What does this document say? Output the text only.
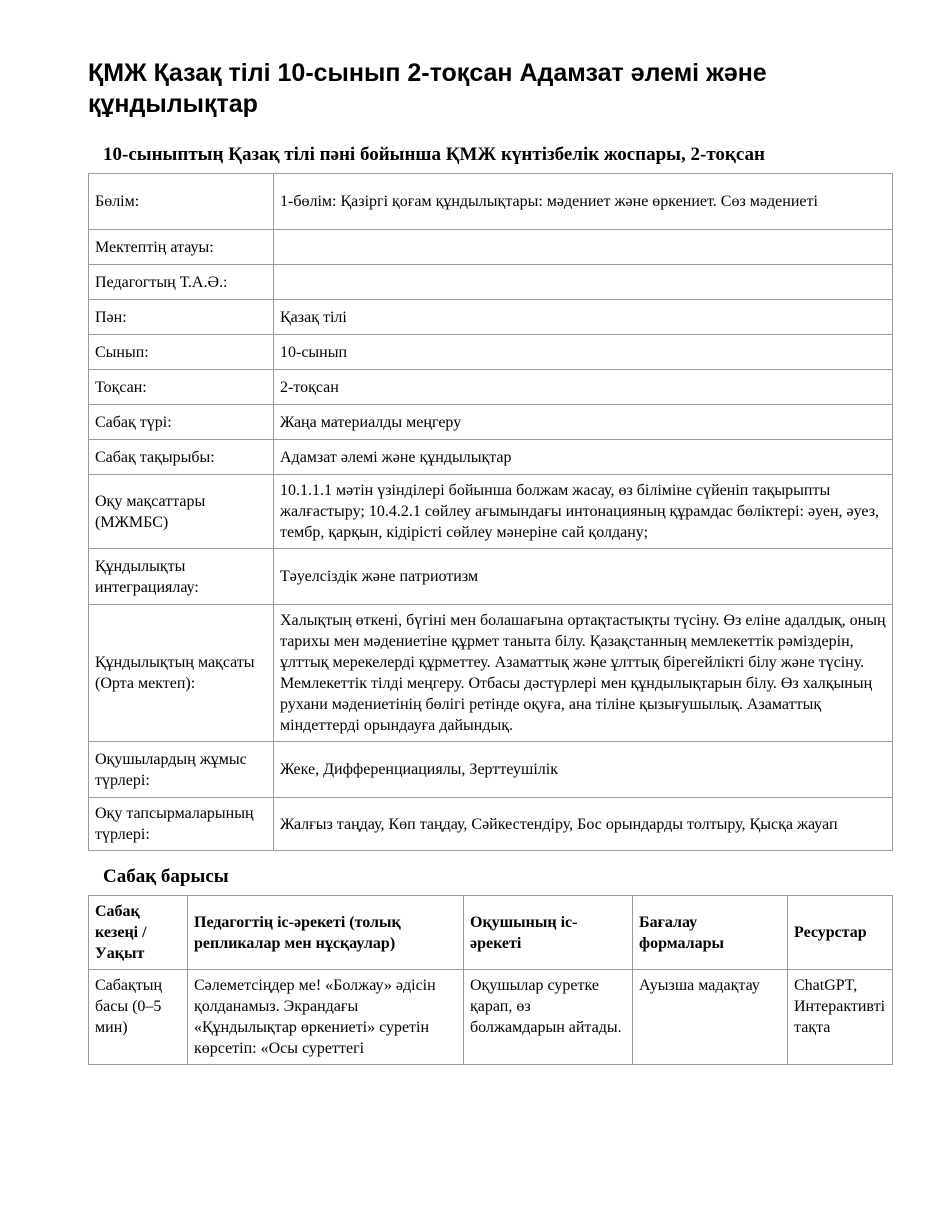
ҚМЖ Қазақ тілі 10-сынып 2-тоқсан Адамзат әлемі және құндылықтар
10-сыныптың Қазақ тілі пәні бойынша ҚМЖ күнтізбелік жоспары, 2-тоқсан
Бөлім:	1-бөлім: Қазіргі қоғам құндылықтары: мәдениет және өркениет. Сөз мәдениеті
Мектептің атауы:	
Педагогтың Т.А.Ә.:	
Пән:	Қазақ тілі
Сынып:	10-сынып
Тоқсан:	2-тоқсан
Сабақ түрі:	Жаңа материалды меңгеру
Сабақ тақырыбы:	Адамзат әлемі және құндылықтар
Оқу мақсаттары (МЖМБС)	10.1.1.1 мәтін үзінділері бойынша болжам жасау, өз біліміне сүйеніп тақырыпты жалғастыру; 10.4.2.1 сөйлеу ағымындағы интонацияның құрамдас бөліктері: әуен, әуез, тембр, қарқын, кідірісті сөйлеу мәнеріне сай қолдану;
Құндылықты интеграциялау:	Тәуелсіздік және патриотизм
Құндылықтың мақсаты (Орта мектеп):	Халықтың өткені, бүгіні мен болашағына ортақтастықты түсіну. Өз еліне адалдық, оның тарихы мен мәдениетіне құрмет таныта білу. Қазақстанның мемлекеттік рәміздерін, ұлттық мерекелерді құрметтеу. Азаматтық және ұлттық бірегейлікті білу және түсіну. Мемлекеттік тілді меңгеру. Отбасы дәстүрлері мен құндылықтарын білу. Өз халқының рухани мәдениетінің бөлігі ретінде оқуға, ана тіліне қызығушылық. Азаматтық міндеттерді орындауға дайындық.
Оқушылардың жұмыс түрлері:	Жеке, Дифференциациялы, Зерттеушілік
Оқу тапсырмаларының түрлері:	Жалғыз таңдау, Көп таңдау, Сәйкестендіру, Бос орындарды толтыру, Қысқа жауап
Сабақ барысы
Сабақ кезеңі / Уақыт	Педагогтің іс-әрекеті (толық репликалар мен нұсқаулар)	Оқушының іс-әрекеті	Бағалау формалары	Ресурстар
Сабақтың басы (0–5 мин)	Сәлеметсіңдер ме! «Болжау» әдісін қолданамыз. Экрандағы «Құндылықтар өркениеті» суретін көрсетіп: «Осы суреттегі	Оқушылар суретке қарап, өз болжамдарын айтады.	Ауызша мадақтау	ChatGPT, Интерактивті тақта
